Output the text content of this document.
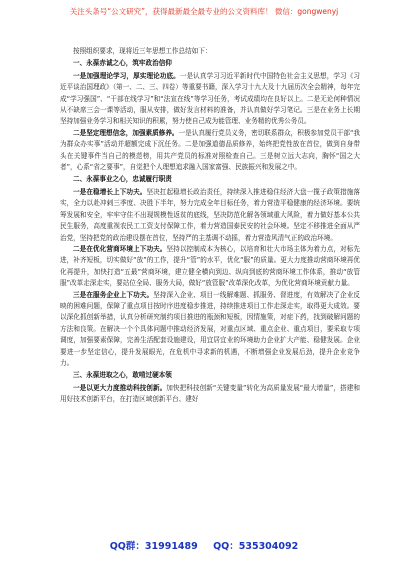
关注头条号“公文研究”，获得最新最全最专业的公文资料库！ 微信：gongwenyj

按照组织要求，现将近三年思想工作总结如下：

一、永葆赤诚之心，筑牢政治信仰

一是加强理论学习，厚实理论功底。一是认真学习习近平新时代中国特色社会主义思想，学习《习近平谈治国理政》（第一、二、三、四卷）等重要书籍，深入学习十九大及十九届历次全会精神，每年完成“学习强国”、“干部在线学习”和“法宣在线”等学习任务，考试成绩均在良好以上。二是无论何种情况从不缺席三会一课等活动，服从安排，做好发言材料的准备，并认真做好学习笔记。三是在业务上长期坚持加强业务学习和相关知识的积累，努力使自己成为能管理、业务精的优秀公务员。

二是坚定理想信念，加强素质修养。一是认真履行党员义务，密切联系群众，积极参加党员干部“我为群众办实事”活动并超额完成下沉任务。二是加强道德品质修养，始终把党性放在首位，做到自身带头在关键事件当自己的模范榜，用共产党员的标准对照检查自己。三是树立远大志向，胸怀“国之大者”，心系“省之要事”，自觉把个人理想追求融入国家富强、民族振兴和发展之中。

二、永葆事业之心，忠诚履行职责

一是在稳增长上下功夫。坚决扛起稳增长政治责任，持续深入推进稳住经济大盘一揽子政策措施落实，全力以赴冲刺三季度、决胜下半年，努力完成全年目标任务，着力营造平稳健康的经济环境。要统筹发展和安全，牢牢守住不出现规模性返贫的底线，坚决防范化解各领域重大风险，着力做好基本公共民生服务，高度重视农民工工资支付保障工作，着力营造国泰民安的社会环境。坚定不移推进全面从严治党，坚持把党的政治建设摆在首位，坚持严的主基调不动摇，着力营造风清气正的政治环境。

二是在优化营商环境上下功夫。坚持以控制成本为核心，以培育和壮大市场主体为着力点，对标先进，补齐短板，切实做好“放”的工作，提升“管”的水平，优化“服”的质量。更大力度推动营商环境再优化再提升，加快打造“五最”营商环境，建立健全横向到边、纵向到底的营商环境工作体系，推动“放管服”改革走深走实，要站位全局、服务大局，做好“放管服”改革深化改革，为优化营商环境贡献力量。

三是在服务企业上下功夫。坚持深入企业、项目一线解难题、抓服务、督进度，有效解决了企业反映的困难问题，保障了重点项目按时序进度稳步推进，持续推进项目工作走深走实，取得更大成效。要以深化抓创新举措，认真分析研究制约项目推进的瓶颈和短板，因情施策，对症下药，找到破解问题的方法和良策。在解决一个个具体问题中推动经济发展，对重点区域、重点企业、重点项目，要采取专项调度，加强要素保障，完善生活配套设施建设，用宜居宜业的环境助力企业扩大产能、稳健发展。企业要进一步坚定信心，提升发展眼光，在危机中寻求新的机遇，不断增强企业发展后劲，提升企业竞争力。

三、永葆进取之心，敢啃过硬本领

一是以更大力度推动科技创新。加快把科技创新“关键变量”转化为高质量发展“最大增量”，搭建和用好技术创新平台，在打造区域创新平台、建好

QQ群：31991489 QQ：535304092
